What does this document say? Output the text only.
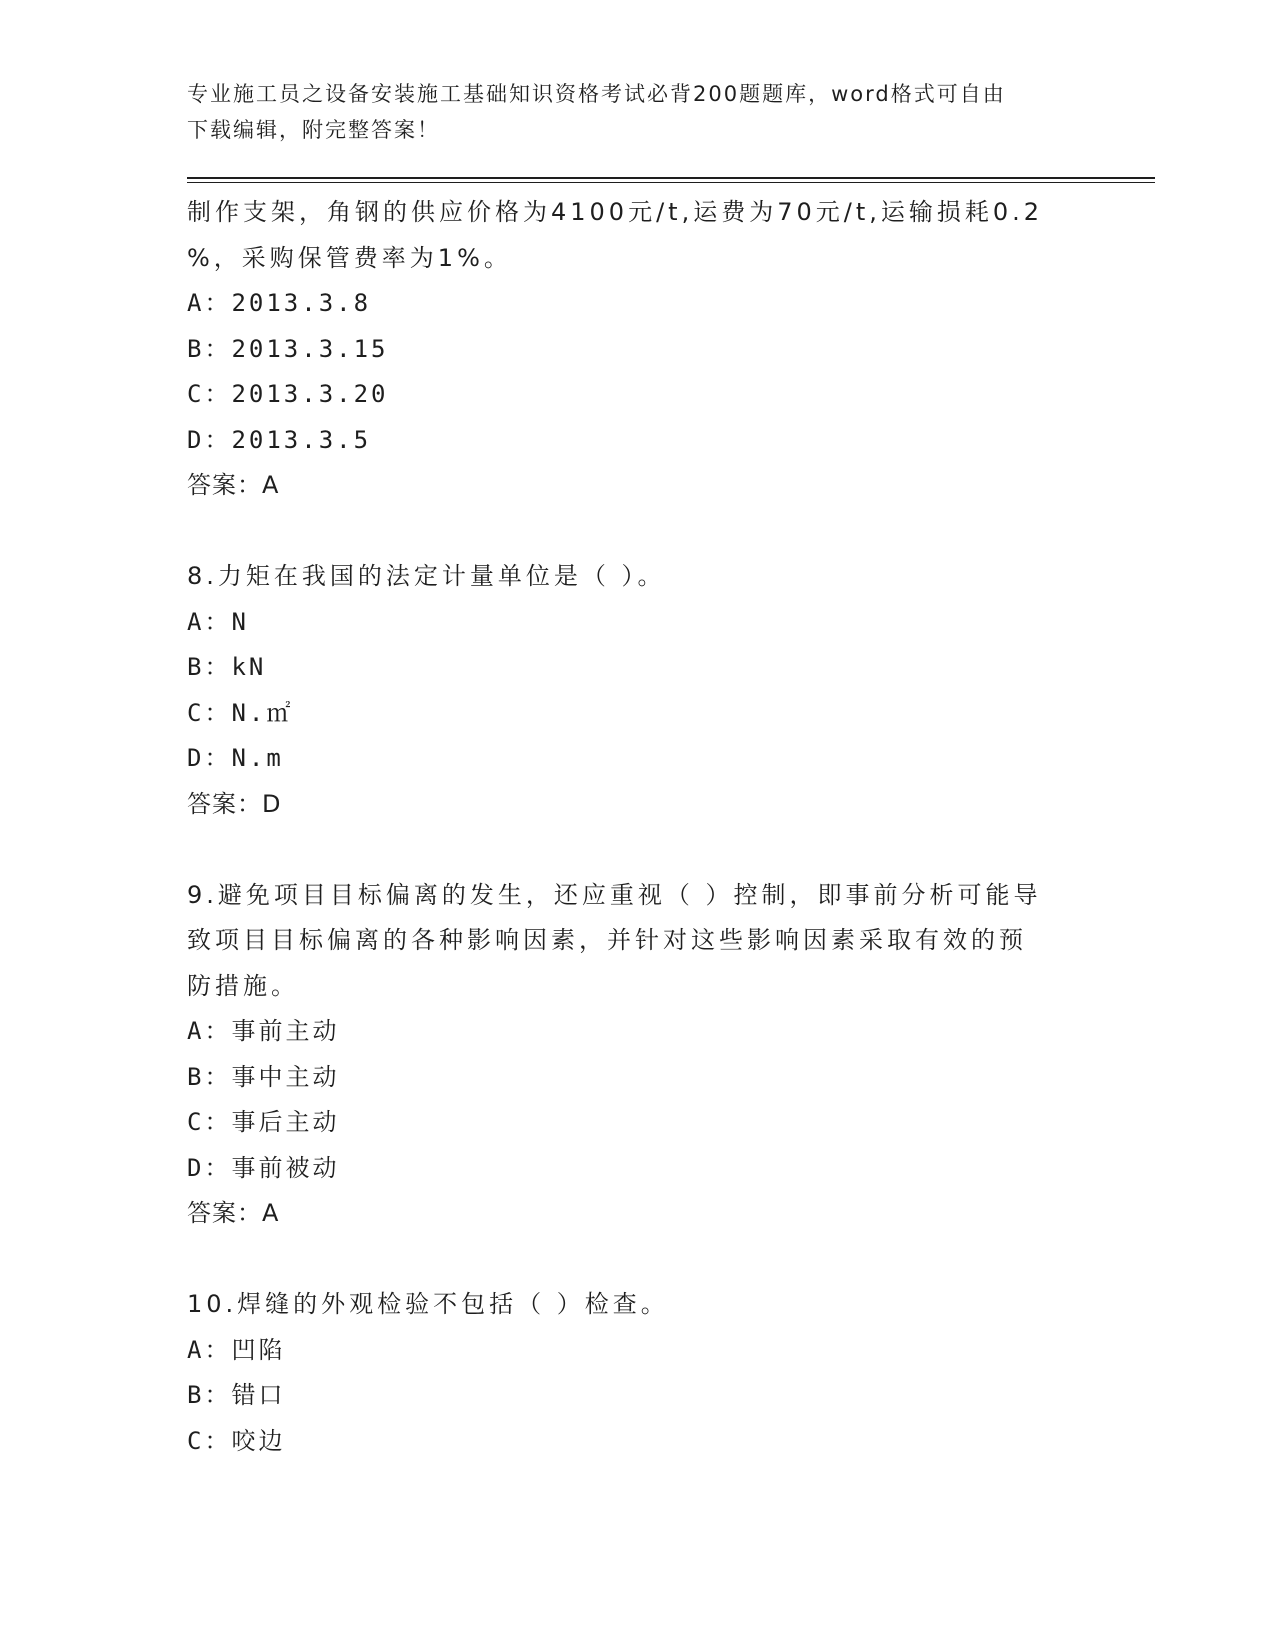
专业施工员之设备安装施工基础知识资格考试必背200题题库，word格式可自由
下载编辑，附完整答案！
制作支架，角钢的供应价格为4100元/t,运费为70元/t,运输损耗0.2
%，采购保管费率为1%。
A：2013.3.8
B：2013.3.15
C：2013.3.20
D：2013.3.5
答案：A
8.力矩在我国的法定计量单位是（ ）。
A：N
B：kN
C：N.㎡
D：N.m
答案：D
9.避免项目目标偏离的发生，还应重视（ ）控制，即事前分析可能导
致项目目标偏离的各种影响因素，并针对这些影响因素采取有效的预
防措施。
A：事前主动
B：事中主动
C：事后主动
D：事前被动
答案：A
10.焊缝的外观检验不包括（ ）检查。
A：凹陷
B：错口
C：咬边
